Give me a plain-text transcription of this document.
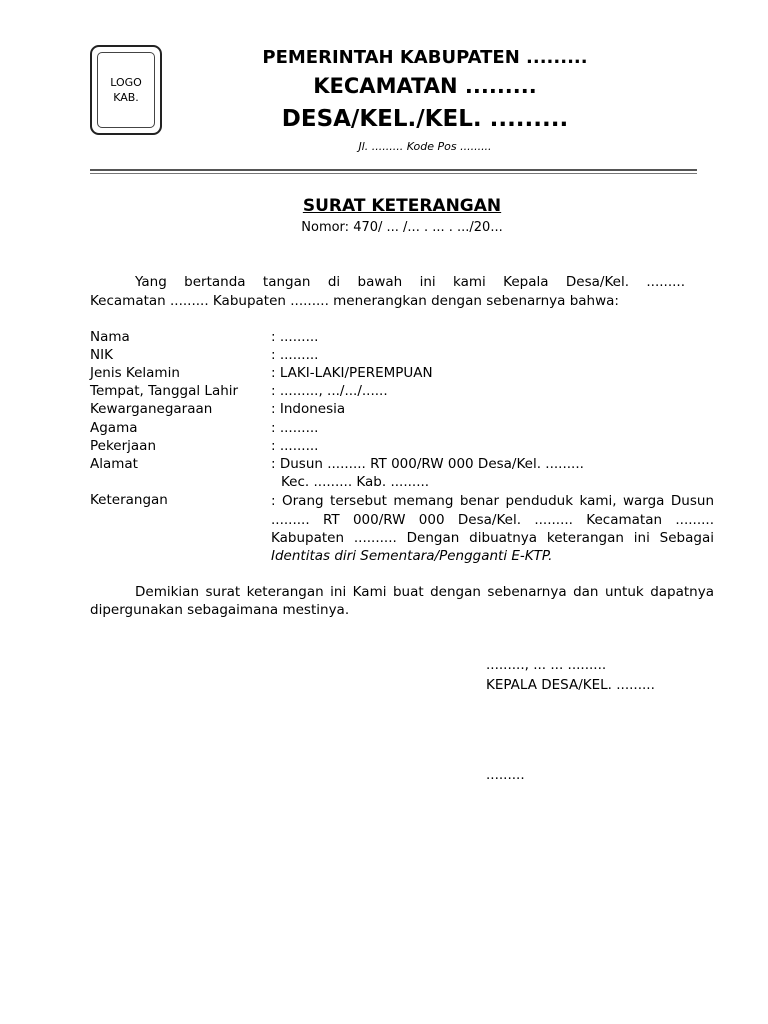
LOGO
KAB.
PEMERINTAH KABUPATEN .........
KECAMATAN .........
DESA/KEL./KEL. .........
Jl. ......... Kode Pos .........
SURAT KETERANGAN
Nomor: 470/ ... /... . ... . .../20...
Yang bertanda tangan di bawah ini kami Kepala Desa/Kel. .........
Kecamatan ......... Kabupaten ......... menerangkan dengan sebenarnya bahwa:
Nama	: .........
NIK	: .........
Jenis Kelamin	: LAKI-LAKI/PEREMPUAN
Tempat, Tanggal Lahir : ........., .../.../......
Kewarganegaraan	: Indonesia
Agama	: .........
Pekerjaan	: .........
Alamat	: Dusun ......... RT 000/RW 000 Desa/Kel. .........
Kec. ......... Kab. .........
Keterangan	: Orang tersebut memang benar penduduk kami, warga Dusun
......... RT 000/RW 000 Desa/Kel. ......... Kecamatan .........
Kabupaten .......... Dengan dibuatnya keterangan ini Sebagai
Identitas diri Sementara/Pengganti E-KTP.
Demikian surat keterangan ini Kami buat dengan sebenarnya dan untuk dapatnya
dipergunakan sebagaimana mestinya.
........., ... ... .........
KEPALA DESA/KEL. .........
.........
